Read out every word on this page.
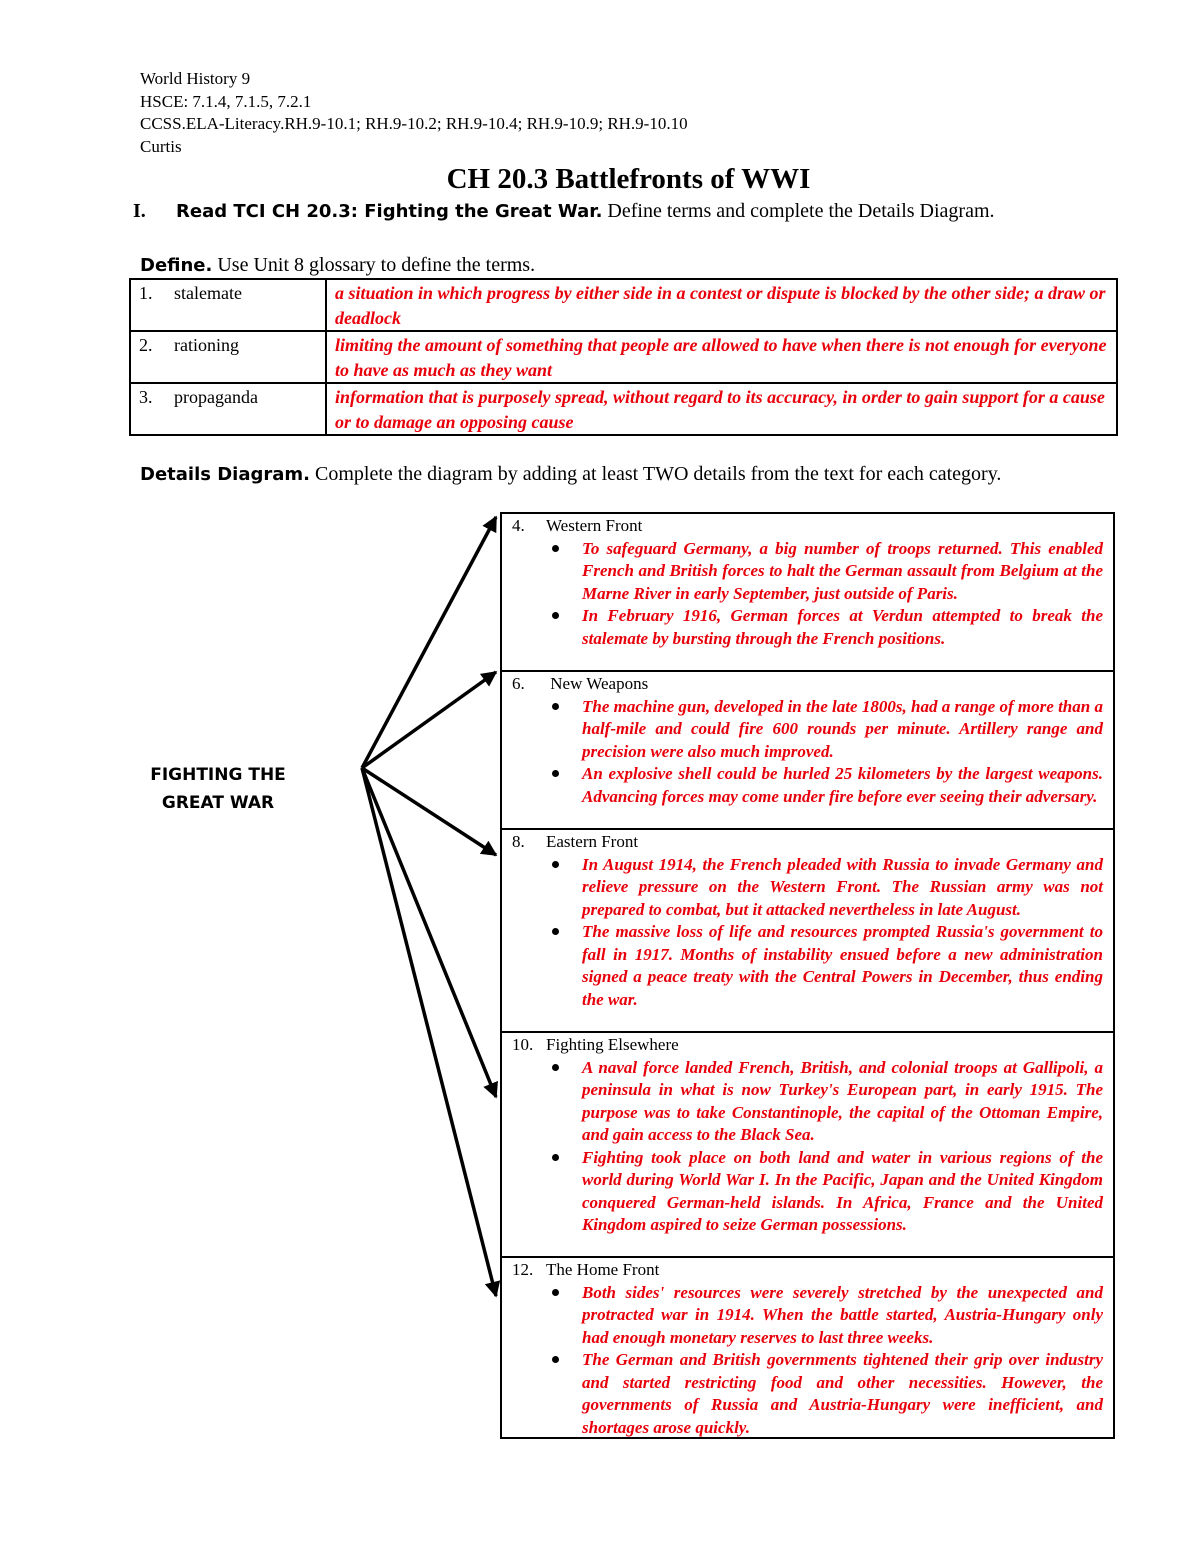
World History 9
HSCE: 7.1.4, 7.1.5, 7.2.1
CCSS.ELA-Literacy.RH.9-10.1; RH.9-10.2; RH.9-10.4; RH.9-10.9; RH.9-10.10
Curtis
CH 20.3 Battlefronts of WWI
I. Read TCI CH 20.3: Fighting the Great War. Define terms and complete the Details Diagram.
Define. Use Unit 8 glossary to define the terms.
1. stalemate	a situation in which progress by either side in a contest or dispute is blocked by the other side; a draw or deadlock
2. rationing	limiting the amount of something that people are allowed to have when there is not enough for everyone to have as much as they want
3. propaganda	information that is purposely spread, without regard to its accuracy, in order to gain support for a cause or to damage an opposing cause
Details Diagram. Complete the diagram by adding at least TWO details from the text for each category.
FIGHTING THE
GREAT WAR
4. Western Front
To safeguard Germany, a big number of troops returned. This enabled French and British forces to halt the German assault from Belgium at the Marne River in early September, just outside of Paris.
In February 1916, German forces at Verdun attempted to break the stalemate by bursting through the French positions.
6. New Weapons
The machine gun, developed in the late 1800s, had a range of more than a half-mile and could fire 600 rounds per minute. Artillery range and precision were also much improved.
An explosive shell could be hurled 25 kilometers by the largest weapons. Advancing forces may come under fire before ever seeing their adversary.
8. Eastern Front
In August 1914, the French pleaded with Russia to invade Germany and relieve pressure on the Western Front. The Russian army was not prepared to combat, but it attacked nevertheless in late August.
The massive loss of life and resources prompted Russia's government to fall in 1917. Months of instability ensued before a new administration signed a peace treaty with the Central Powers in December, thus ending the war.
10. Fighting Elsewhere
A naval force landed French, British, and colonial troops at Gallipoli, a peninsula in what is now Turkey's European part, in early 1915. The purpose was to take Constantinople, the capital of the Ottoman Empire, and gain access to the Black Sea.
Fighting took place on both land and water in various regions of the world during World War I. In the Pacific, Japan and the United Kingdom conquered German-held islands. In Africa, France and the United Kingdom aspired to seize German possessions.
12. The Home Front
Both sides' resources were severely stretched by the unexpected and protracted war in 1914. When the battle started, Austria-Hungary only had enough monetary reserves to last three weeks.
The German and British governments tightened their grip over industry and started restricting food and other necessities. However, the governments of Russia and Austria-Hungary were inefficient, and shortages arose quickly.
